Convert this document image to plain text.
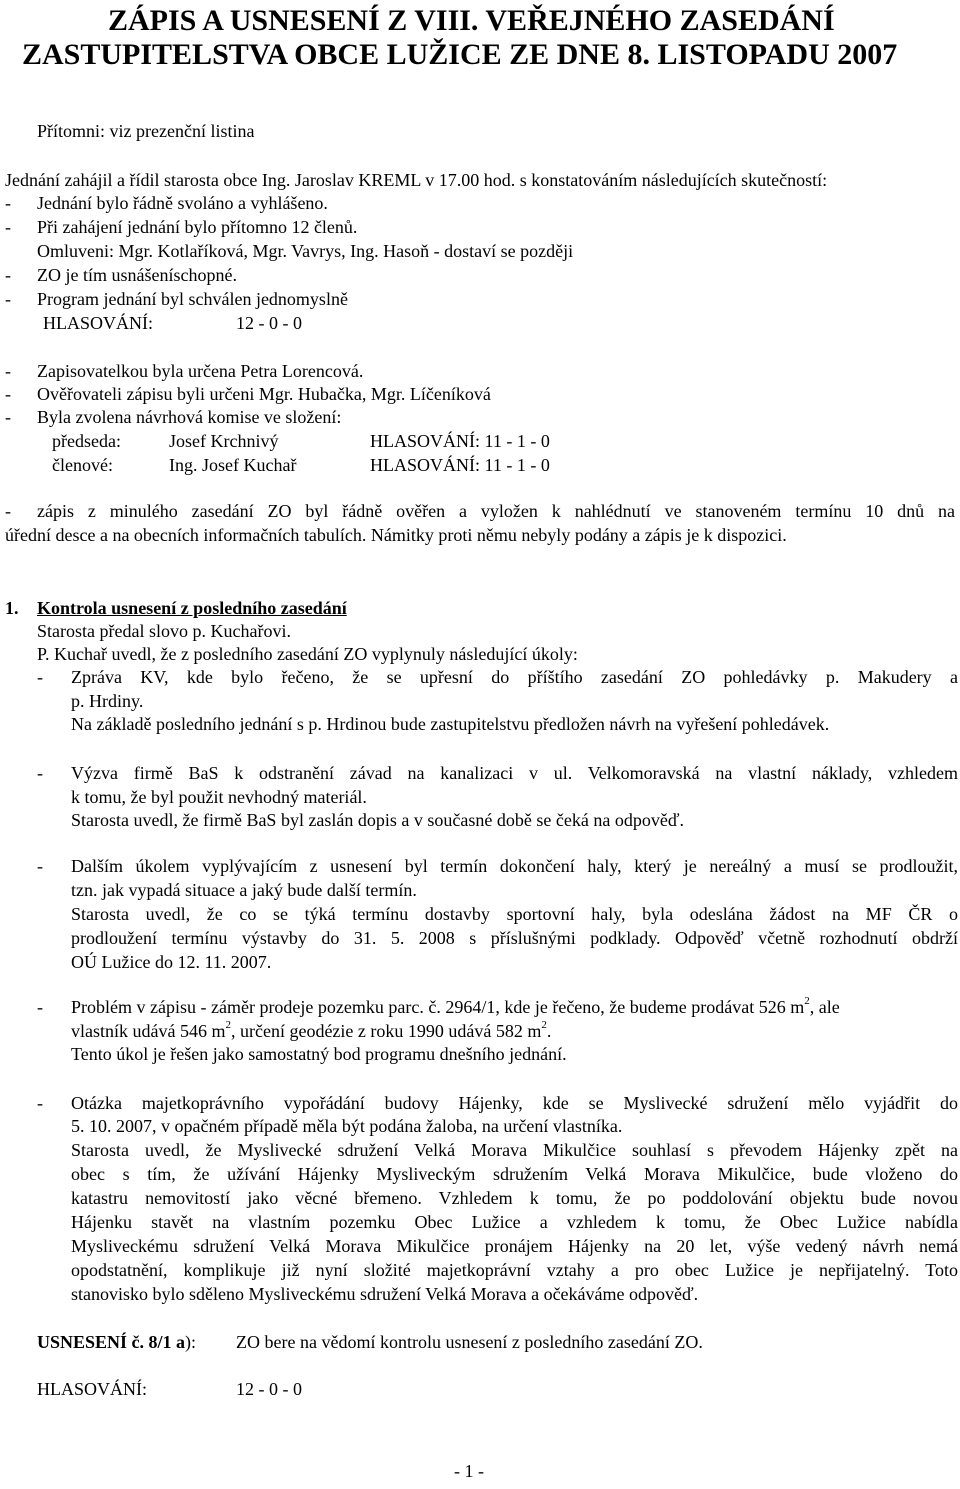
ZÁPIS A USNESENÍ Z VIII. VEŘEJNÉHO ZASEDÁNÍ
ZASTUPITELSTVA OBCE LUŽICE ZE DNE 8. LISTOPADU 2007
Přítomni: viz prezenční listina
Jednání zahájil a řídil starosta obce Ing. Jaroslav KREML v 17.00 hod. s konstatováním následujících skutečností:
- Jednání bylo řádně svoláno a vyhlášeno.
- Při zahájení jednání bylo přítomno 12 členů.
Omluveni: Mgr. Kotlaříková, Mgr. Vavrys, Ing. Hasoň - dostaví se později
- ZO je tím usnášeníschopné.
- Program jednání byl schválen jednomyslně
HLASOVÁNÍ:	12 - 0 - 0
- Zapisovatelkou byla určena Petra Lorencová.
- Ověřovateli zápisu byli určeni Mgr. Hubačka, Mgr. Líčeníková
- Byla zvolena návrhová komise ve složení:
předseda:	Josef Krchnivý	HLASOVÁNÍ: 11 - 1 - 0
členové:	Ing. Josef Kuchař	HLASOVÁNÍ: 11 - 1 - 0
- zápis z minulého zasedání ZO byl řádně ověřen a vyložen k nahlédnutí ve stanoveném termínu 10 dnů na
úřední desce a na obecních informačních tabulích. Námitky proti němu nebyly podány a zápis je k dispozici.
1. Kontrola usnesení z posledního zasedání
Starosta předal slovo p. Kuchařovi.
P. Kuchař uvedl, že z posledního zasedání ZO vyplynuly následující úkoly:
- Zpráva KV, kde bylo řečeno, že se upřesní do příštího zasedání ZO pohledávky p. Makudery a
p. Hrdiny.
Na základě posledního jednání s p. Hrdinou bude zastupitelstvu předložen návrh na vyřešení pohledávek.
- Výzva firmě BaS k odstranění závad na kanalizaci v ul. Velkomoravská na vlastní náklady, vzhledem
k tomu, že byl použit nevhodný materiál.
Starosta uvedl, že firmě BaS byl zaslán dopis a v současné době se čeká na odpověď.
- Dalším úkolem vyplývajícím z usnesení byl termín dokončení haly, který je nereálný a musí se prodloužit,
tzn. jak vypadá situace a jaký bude další termín.
Starosta uvedl, že co se týká termínu dostavby sportovní haly, byla odeslána žádost na MF ČR o
prodloužení termínu výstavby do 31. 5. 2008 s příslušnými podklady. Odpověď včetně rozhodnutí obdrží
OÚ Lužice do 12. 11. 2007.
- Problém v zápisu - záměr prodeje pozemku parc. č. 2964/1, kde je řečeno, že budeme prodávat 526 $m^2$, ale
vlastník udává 546 $m^2$, určení geodézie z roku 1990 udává 582 $m^2$.
Tento úkol je řešen jako samostatný bod programu dnešního jednání.
- Otázka majetkoprávního vypořádání budovy Hájenky, kde se Myslivecké sdružení mělo vyjádřit do
5. 10. 2007, v opačném případě měla být podána žaloba, na určení vlastníka.
Starosta uvedl, že Myslivecké sdružení Velká Morava Mikulčice souhlasí s převodem Hájenky zpět na
obec s tím, že užívání Hájenky Mysliveckým sdružením Velká Morava Mikulčice, bude vloženo do
katastru nemovitostí jako věcné břemeno. Vzhledem k tomu, že po poddolování objektu bude novou
Hájenku stavět na vlastním pozemku Obec Lužice a vzhledem k tomu, že Obec Lužice nabídla
Mysliveckému sdružení Velká Morava Mikulčice pronájem Hájenky na 20 let, výše vedený návrh nemá
opodstatnění, komplikuje již nyní složité majetkoprávní vztahy a pro obec Lužice je nepřijatelný. Toto
stanovisko bylo sděleno Mysliveckému sdružení Velká Morava a očekáváme odpověď.
USNESENÍ č. 8/1 a): ZO bere na vědomí kontrolu usnesení z posledního zasedání ZO.
HLASOVÁNÍ:	12 - 0 - 0
- 1 -
